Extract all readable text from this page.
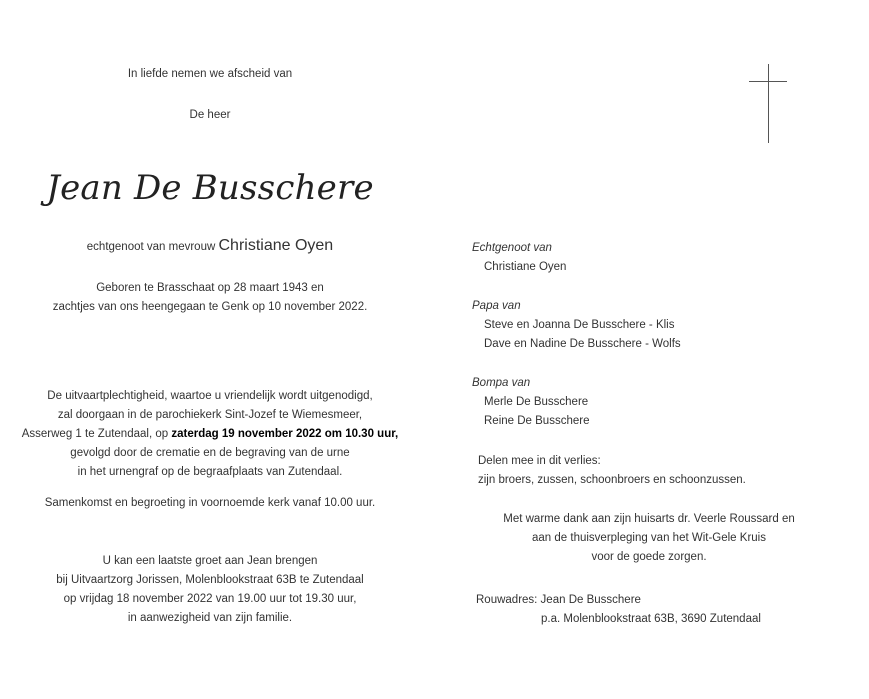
In liefde nemen we afscheid van
De heer
Jean De Busschere
echtgenoot van mevrouw Christiane Oyen
Geboren te Brasschaat op 28 maart 1943 en
zachtjes van ons heengegaan te Genk op 10 november 2022.
De uitvaartplechtigheid, waartoe u vriendelijk wordt uitgenodigd,
zal doorgaan in de parochiekerk Sint-Jozef te Wiemesmeer,
Asserweg 1 te Zutendaal, op zaterdag 19 november 2022 om 10.30 uur,
gevolgd door de crematie en de begraving van de urne
in het urnengraf op de begraafplaats van Zutendaal.
Samenkomst en begroeting in voornoemde kerk vanaf 10.00 uur.
U kan een laatste groet aan Jean brengen
bij Uitvaartzorg Jorissen, Molenblookstraat 63B te Zutendaal
op vrijdag 18 november 2022 van 19.00 uur tot 19.30 uur,
in aanwezigheid van zijn familie.
Echtgenoot van
Christiane Oyen
Papa van
Steve en Joanna De Busschere - Klis
Dave en Nadine De Busschere - Wolfs
Bompa van
Merle De Busschere
Reine De Busschere
Delen mee in dit verlies:
zijn broers, zussen, schoonbroers en schoonzussen.
Met warme dank aan zijn huisarts dr. Veerle Roussard en
aan de thuisverpleging van het Wit-Gele Kruis
voor de goede zorgen.
Rouwadres: Jean De Busschere
p.a. Molenblookstraat 63B, 3690 Zutendaal
